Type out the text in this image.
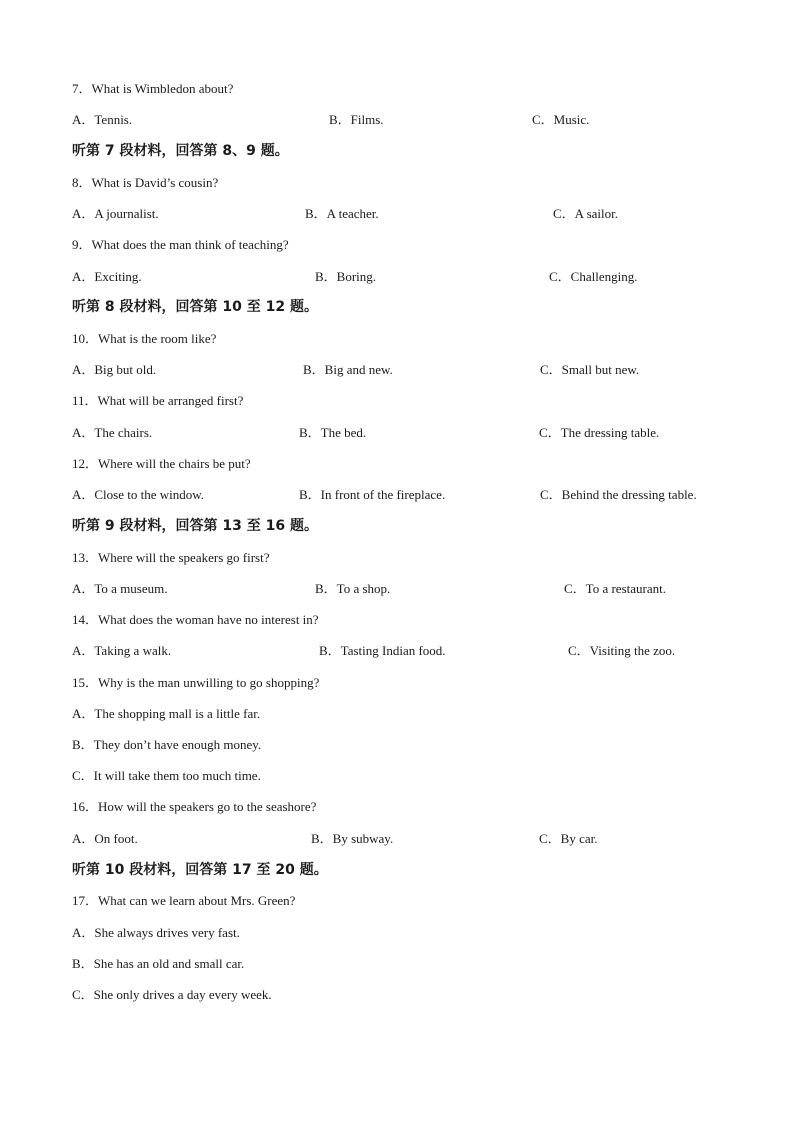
7．What is Wimbledon about?
A．Tennis.	B．Films.	C．Music.
听第 7 段材料，回答第 8、9 题。
8．What is David’s cousin?
A．A journalist.	B．A teacher.	C．A sailor.
9．What does the man think of teaching?
A．Exciting.	B．Boring.	C．Challenging.
听第 8 段材料，回答第 10 至 12 题。
10．What is the room like?
A．Big but old.	B．Big and new.	C．Small but new.
11．What will be arranged first?
A．The chairs.	B．The bed.	C．The dressing table.
12．Where will the chairs be put?
A．Close to the window.	B．In front of the fireplace.	C．Behind the dressing table.
听第 9 段材料，回答第 13 至 16 题。
13．Where will the speakers go first?
A．To a museum.	B．To a shop.	C．To a restaurant.
14．What does the woman have no interest in?
A．Taking a walk.	B．Tasting Indian food.	C．Visiting the zoo.
15．Why is the man unwilling to go shopping?
A．The shopping mall is a little far.
B．They don’t have enough money.
C．It will take them too much time.
16．How will the speakers go to the seashore?
A．On foot.	B．By subway.	C．By car.
听第 10 段材料，回答第 17 至 20 题。
17．What can we learn about Mrs. Green?
A．She always drives very fast.
B．She has an old and small car.
C．She only drives a day every week.
